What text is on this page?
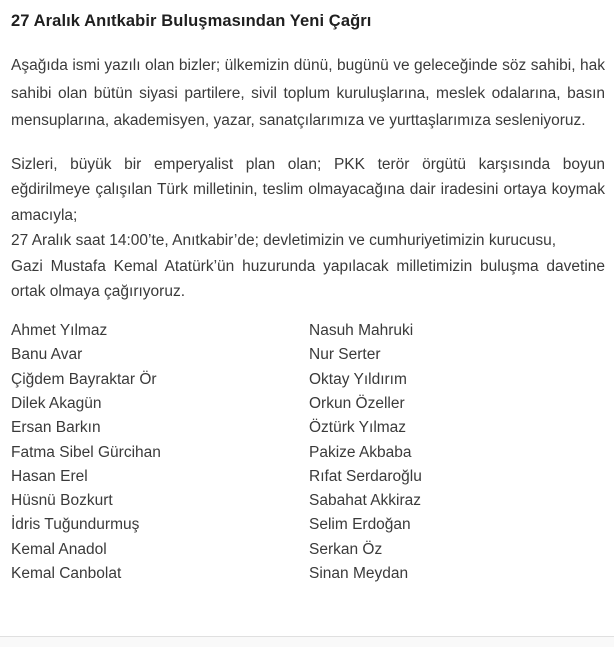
27 Aralık Anıtkabir Buluşmasından Yeni Çağrı

Aşağıda ismi yazılı olan bizler; ülkemizin dünü, bugünü ve geleceğinde söz sahibi, hak sahibi olan bütün siyasi partilere, sivil toplum kuruluşlarına, meslek odalarına, basın mensuplarına, akademisyen, yazar, sanatçılarımıza ve yurttaşlarımıza sesleniyoruz.

Sizleri, büyük bir emperyalist plan olan; PKK terör örgütü karşısında boyun eğdirilmeye çalışılan Türk milletinin, teslim olmayacağına dair iradesini ortaya koymak amacıyla;

27 Aralık saat 14:00’te, Anıtkabir’de; devletimizin ve cumhuriyetimizin kurucusu,

Gazi Mustafa Kemal Atatürk’ün huzurunda yapılacak milletimizin buluşma davetine ortak olmaya çağırıyoruz.

Ahmet Yılmaz
Banu Avar
Çiğdem Bayraktar Ör
Dilek Akagün
Ersan Barkın
Fatma Sibel Gürcihan
Hasan Erel
Hüsnü Bozkurt
İdris Tuğundurmuş
Kemal Anadol
Kemal Canbolat
Nasuh Mahruki
Nur Serter
Oktay Yıldırım
Orkun Özeller
Öztürk Yılmaz
Pakize Akbaba
Rıfat Serdaroğlu
Sabahat Akkiraz
Selim Erdoğan
Serkan Öz
Sinan Meydan
